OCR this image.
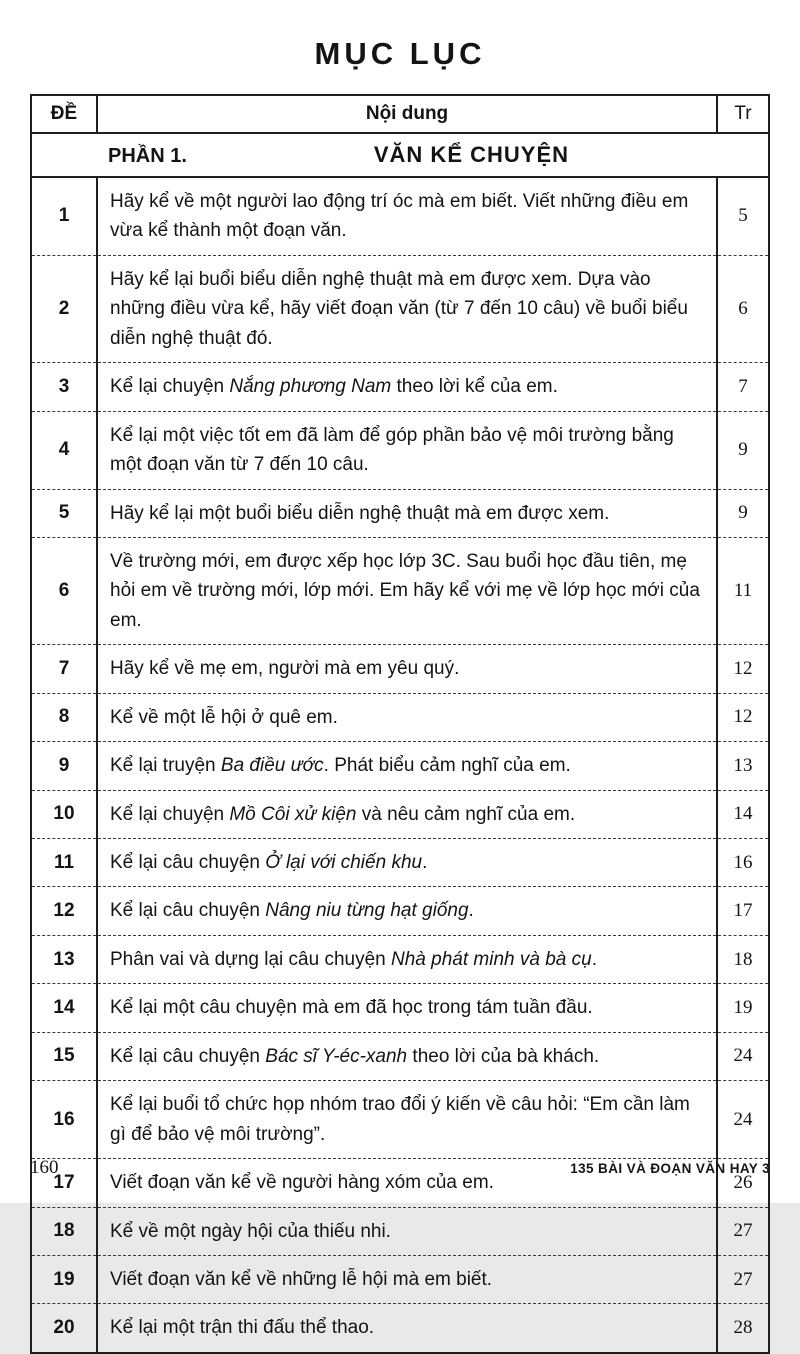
MỤC LỤC
ĐỀ	Nội dung	Tr

PHẦN 1. VĂN KỂ CHUYỆN		

1	Hãy kể về một người lao động trí óc mà em biết. Viết những điều em vừa kể thành một đoạn văn.	5
2	Hãy kể lại buổi biểu diễn nghệ thuật mà em được xem. Dựa vào những điều vừa kể, hãy viết đoạn văn (từ 7 đến 10 câu) về buổi biểu diễn nghệ thuật đó.	6
3	Kể lại chuyện Nắng phương Nam theo lời kể của em.	7
4	Kể lại một việc tốt em đã làm để góp phần bảo vệ môi trường bằng một đoạn văn từ 7 đến 10 câu.	9
5	Hãy kể lại một buổi biểu diễn nghệ thuật mà em được xem.	9
6	Về trường mới, em được xếp học lớp 3C. Sau buổi học đầu tiên, mẹ hỏi em về trường mới, lớp mới. Em hãy kể với mẹ về lớp học mới của em.	11
7	Hãy kể về mẹ em, người mà em yêu quý.	12
8	Kể về một lễ hội ở quê em.	12
9	Kể lại truyện Ba điều ước. Phát biểu cảm nghĩ của em.	13
10	Kể lại chuyện Mồ Côi xử kiện và nêu cảm nghĩ của em.	14
11	Kể lại câu chuyện Ở lại với chiến khu.	16
12	Kể lại câu chuyện Nâng niu từng hạt giống.	17
13	Phân vai và dựng lại câu chuyện Nhà phát minh và bà cụ.	18
14	Kể lại một câu chuyện mà em đã học trong tám tuần đầu.	19
15	Kể lại câu chuyện Bác sĩ Y-éc-xanh theo lời của bà khách.	24
16	Kể lại buổi tổ chức họp nhóm trao đổi ý kiến về câu hỏi: “Em cần làm gì để bảo vệ môi trường”.	24
17	Viết đoạn văn kể về người hàng xóm của em.	26
18	Kể về một ngày hội của thiếu nhi.	27
19	Viết đoạn văn kể về những lễ hội mà em biết.	27
20	Kể lại một trận thi đấu thể thao.	28
160	135 BÀI VÀ ĐOẠN VĂN HAY 3
